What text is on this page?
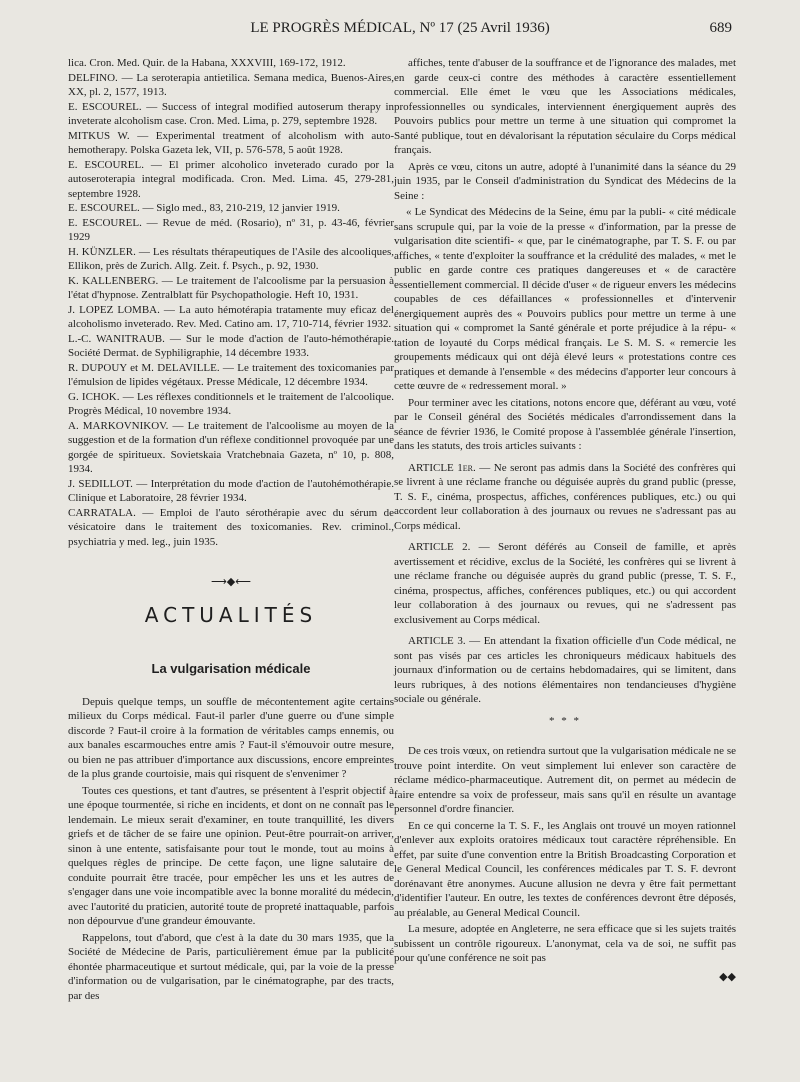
LE PROGRÈS MÉDICAL, Nº 17 (25 Avril 1936)	689

lica. Cron. Med. Quir. de la Habana, XXXVIII, 169-172, 1912.

DELFINO. — La seroterapia antietilica. Semana medica, Buenos-Aires, XX, pl. 2, 1577, 1913.

E. ESCOUREL. — Success of integral modified autoserum therapy in inveterate alcoholism case. Cron. Med. Lima, p. 279, septembre 1928.

MITKUS W. — Experimental treatment of alcoholism with auto-hemotherapy. Polska Gazeta lek, VII, p. 576-578, 5 août 1928.

E. ESCOUREL. — El primer alcoholico inveterado curado por la autoseroterapia integral modificada. Cron. Med. Lima. 45, 279-281, septembre 1928.

E. ESCOUREL. — Siglo med., 83, 210-219, 12 janvier 1919.

E. ESCOUREL. — Revue de méd. (Rosario), nº 31, p. 43-46, février 1929

H. KÜNZLER. — Les résultats thérapeutiques de l'Asile des alcooliques, Ellikon, près de Zurich. Allg. Zeit. f. Psych., p. 92, 1930.

K. KALLENBERG. — Le traitement de l'alcoolisme par la persuasion à l'état d'hypnose. Zentralblatt für Psychopathologie. Heft 10, 1931.

J. LOPEZ LOMBA. — La auto hémotérapia tratamente muy eficaz del alcoholismo inveterado. Rev. Med. Catino am. 17, 710-714, février 1932.

L.-C. WANITRAUB. — Sur le mode d'action de l'auto-hémothérapie. Société Dermat. de Syphiligraphie, 14 décembre 1933.

R. DUPOUY et M. DELAVILLE. — Le traitement des toxicomanies par l'émulsion de lipides végétaux. Presse Médicale, 12 décembre 1934.

G. ICHOK. — Les réflexes conditionnels et le traitement de l'alcoolique. Progrès Médical, 10 novembre 1934.

A. MARKOVNIKOV. — Le traitement de l'alcoolisme au moyen de la suggestion et de la formation d'un réflexe conditionnel provoquée par une gorgée de spiritueux. Sovietskaia Vratchebnaia Gazeta, nº 10, p. 808, 1934.

J. SEDILLOT. — Interprétation du mode d'action de l'autohémothérapie. Clinique et Laboratoire, 28 février 1934.

CARRATALA. — Emploi de l'auto sérothérapie avec du sérum de vésicatoire dans le traitement des toxicomanies. Rev. criminol., psychiatria y med. leg., juin 1935.

⟶◆⟵
ACTUALITÉS
La vulgarisation médicale

Depuis quelque temps, un souffle de mécontentement agite certains milieux du Corps médical. Faut-il parler d'une guerre ou d'une simple discorde ? Faut-il croire à la formation de véritables camps ennemis, ou aux banales escarmouches entre amis ? Faut-il s'émouvoir outre mesure, ou bien ne pas attribuer d'importance aux discussions, encore empreintes de la plus grande courtoisie, mais qui risquent de s'envenimer ?

Toutes ces questions, et tant d'autres, se présentent à l'esprit objectif à une époque tourmentée, si riche en incidents, et dont on ne connaît pas le lendemain. Le mieux serait d'examiner, en toute tranquillité, les divers griefs et de tâcher de se faire une opinion. Peut-être pourrait-on arriver, sinon à une entente, satisfaisante pour tout le monde, tout au moins à quelques règles de principe. De cette façon, une ligne salutaire de conduite pourrait être tracée, pour empêcher les uns et les autres de s'engager dans une voie incompatible avec la bonne moralité du médecin, avec l'autorité du praticien, autorité toute de propreté inattaquable, parfois non dépourvue d'une grandeur émouvante.

Rappelons, tout d'abord, que c'est à la date du 30 mars 1935, que la Société de Médecine de Paris, particulièrement émue par la publicité éhontée pharmaceutique et surtout médicale, qui, par la voie de la presse d'information ou de vulgarisation, par le cinématographe, par des tracts, par des

affiches, tente d'abuser de la souffrance et de l'ignorance des malades, met en garde ceux-ci contre des méthodes à caractère essentiellement commercial. Elle émet le vœu que les Associations médicales, professionnelles ou syndicales, interviennent énergiquement auprès des Pouvoirs publics pour mettre un terme à une situation qui compromet la Santé publique, tout en dévalorisant la réputation séculaire du Corps médical français.

Après ce vœu, citons un autre, adopté à l'unanimité dans la séance du 29 juin 1935, par le Conseil d'administration du Syndicat des Médecins de la Seine :

« Le Syndicat des Médecins de la Seine, ému par la publi- « cité médicale sans scrupule qui, par la voie de la presse « d'information, par la presse de vulgarisation dite scientifi- « que, par le cinématographe, par T. S. F. ou par affiches, « tente d'exploiter la souffrance et la crédulité des malades, « met le public en garde contre ces pratiques dangereuses et « de caractère essentiellement commercial. Il décide d'user « de rigueur envers les médecins coupables de ces défaillances « professionnelles et d'intervenir énergiquement auprès des « Pouvoirs publics pour mettre un terme à une situation qui « compromet la Santé générale et porte préjudice à la répu- « tation de loyauté du Corps médical français. Le S. M. S. « remercie les groupements médicaux qui ont déjà élevé leurs « protestations contre ces pratiques et demande à l'ensemble « des médecins d'apporter leur concours à cette œuvre de « redressement moral. »

Pour terminer avec les citations, notons encore que, déférant au vœu, voté par le Conseil général des Sociétés médicales d'arrondissement dans la séance de février 1936, le Comité propose à l'assemblée générale l'insertion, dans les statuts, des trois articles suivants :

ARTICLE 1er. — Ne seront pas admis dans la Société des confrères qui se livrent à une réclame franche ou déguisée auprès du grand public (presse, T. S. F., cinéma, prospectus, affiches, conférences publiques, etc.) ou qui accordent leur collaboration à des journaux ou revues ne s'adressant pas au Corps médical.

ARTICLE 2. — Seront déférés au Conseil de famille, et après avertissement et récidive, exclus de la Société, les confrères qui se livrent à une réclame franche ou déguisée auprès du grand public (presse, T. S. F., cinéma, prospectus, affiches, conférences publiques, etc.) ou qui accordent leur collaboration à des journaux ou revues, qui ne s'adressent pas exclusivement au Corps médical.

ARTICLE 3. — En attendant la fixation officielle d'un Code médical, ne sont pas visés par ces articles les chroniqueurs médicaux habituels des journaux d'information ou de certains hebdomadaires, qui se limitent, dans leurs rubriques, à des notions élémentaires non tendancieuses d'hygiène sociale ou générale.

* * *

De ces trois vœux, on retiendra surtout que la vulgarisation médicale ne se trouve point interdite. On veut simplement lui enlever son caractère de réclame médico-pharmaceutique. Autrement dit, on permet au médecin de faire entendre sa voix de professeur, mais sans qu'il en résulte un avantage personnel d'ordre financier.

En ce qui concerne la T. S. F., les Anglais ont trouvé un moyen rationnel d'enlever aux exploits oratoires médicaux tout caractère répréhensible. En effet, par suite d'une convention entre la British Broadcasting Corporation et le General Medical Council, les conférences médicales par T. S. F. devront dorénavant être anonymes. Aucune allusion ne devra y être fait permettant d'identifier l'auteur. En outre, les textes de conférences devront être déposés, au préalable, au General Medical Council.

La mesure, adoptée en Angleterre, ne sera efficace que si les sujets traités subissent un contrôle rigoureux. L'anonymat, cela va de soi, ne suffit pas pour qu'une conférence ne soit pas

◆◆
